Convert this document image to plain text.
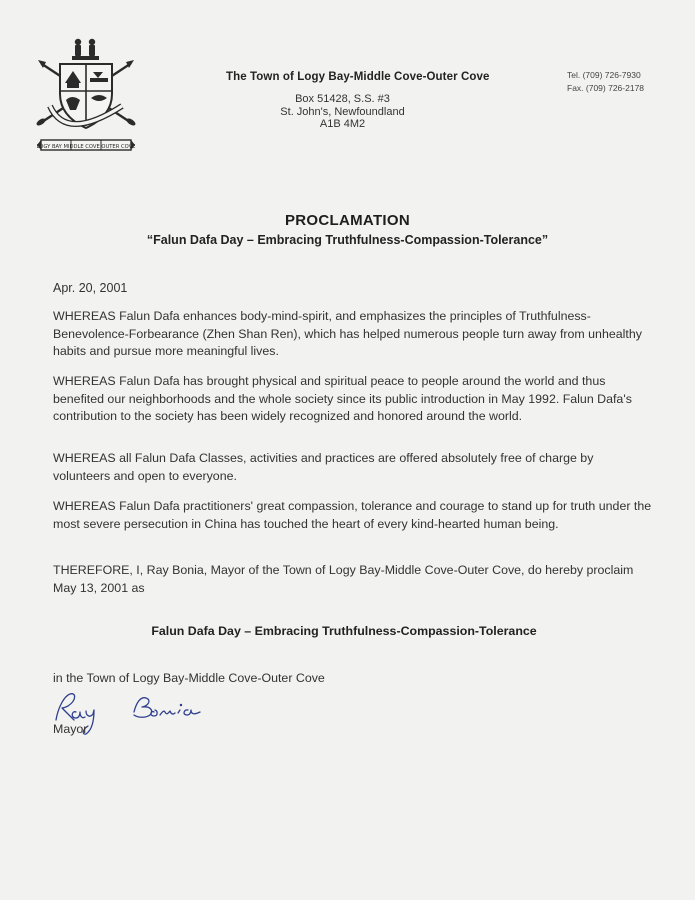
LOGY BAY MIDDLE COVE OUTER COVE
The Town of Logy Bay-Middle Cove-Outer Cove
Box 51428, S.S. #3
St. John's, Newfoundland
A1B 4M2
Tel. (709) 726-7930
Fax. (709) 726-2178
PROCLAMATION
“Falun Dafa Day – Embracing Truthfulness-Compassion-Tolerance”
Apr. 20, 2001
WHEREAS Falun Dafa enhances body-mind-spirit, and emphasizes the principles of Truthfulness-Benevolence-Forbearance (Zhen Shan Ren), which has helped numerous people turn away from unhealthy habits and pursue more meaningful lives.
WHEREAS Falun Dafa has brought physical and spiritual peace to people around the world and thus benefited our neighborhoods and the whole society since its public introduction in May 1992. Falun Dafa's contribution to the society has been widely recognized and honored around the world.
WHEREAS all Falun Dafa Classes, activities and practices are offered absolutely free of charge by volunteers and open to everyone.
WHEREAS Falun Dafa practitioners' great compassion, tolerance and courage to stand up for truth under the most severe persecution in China has touched the heart of every kind-hearted human being.
THEREFORE, I, Ray Bonia, Mayor of the Town of Logy Bay-Middle Cove-Outer Cove, do hereby proclaim May 13, 2001 as
Falun Dafa Day – Embracing Truthfulness-Compassion-Tolerance
in the Town of Logy Bay-Middle Cove-Outer Cove
Mayor
